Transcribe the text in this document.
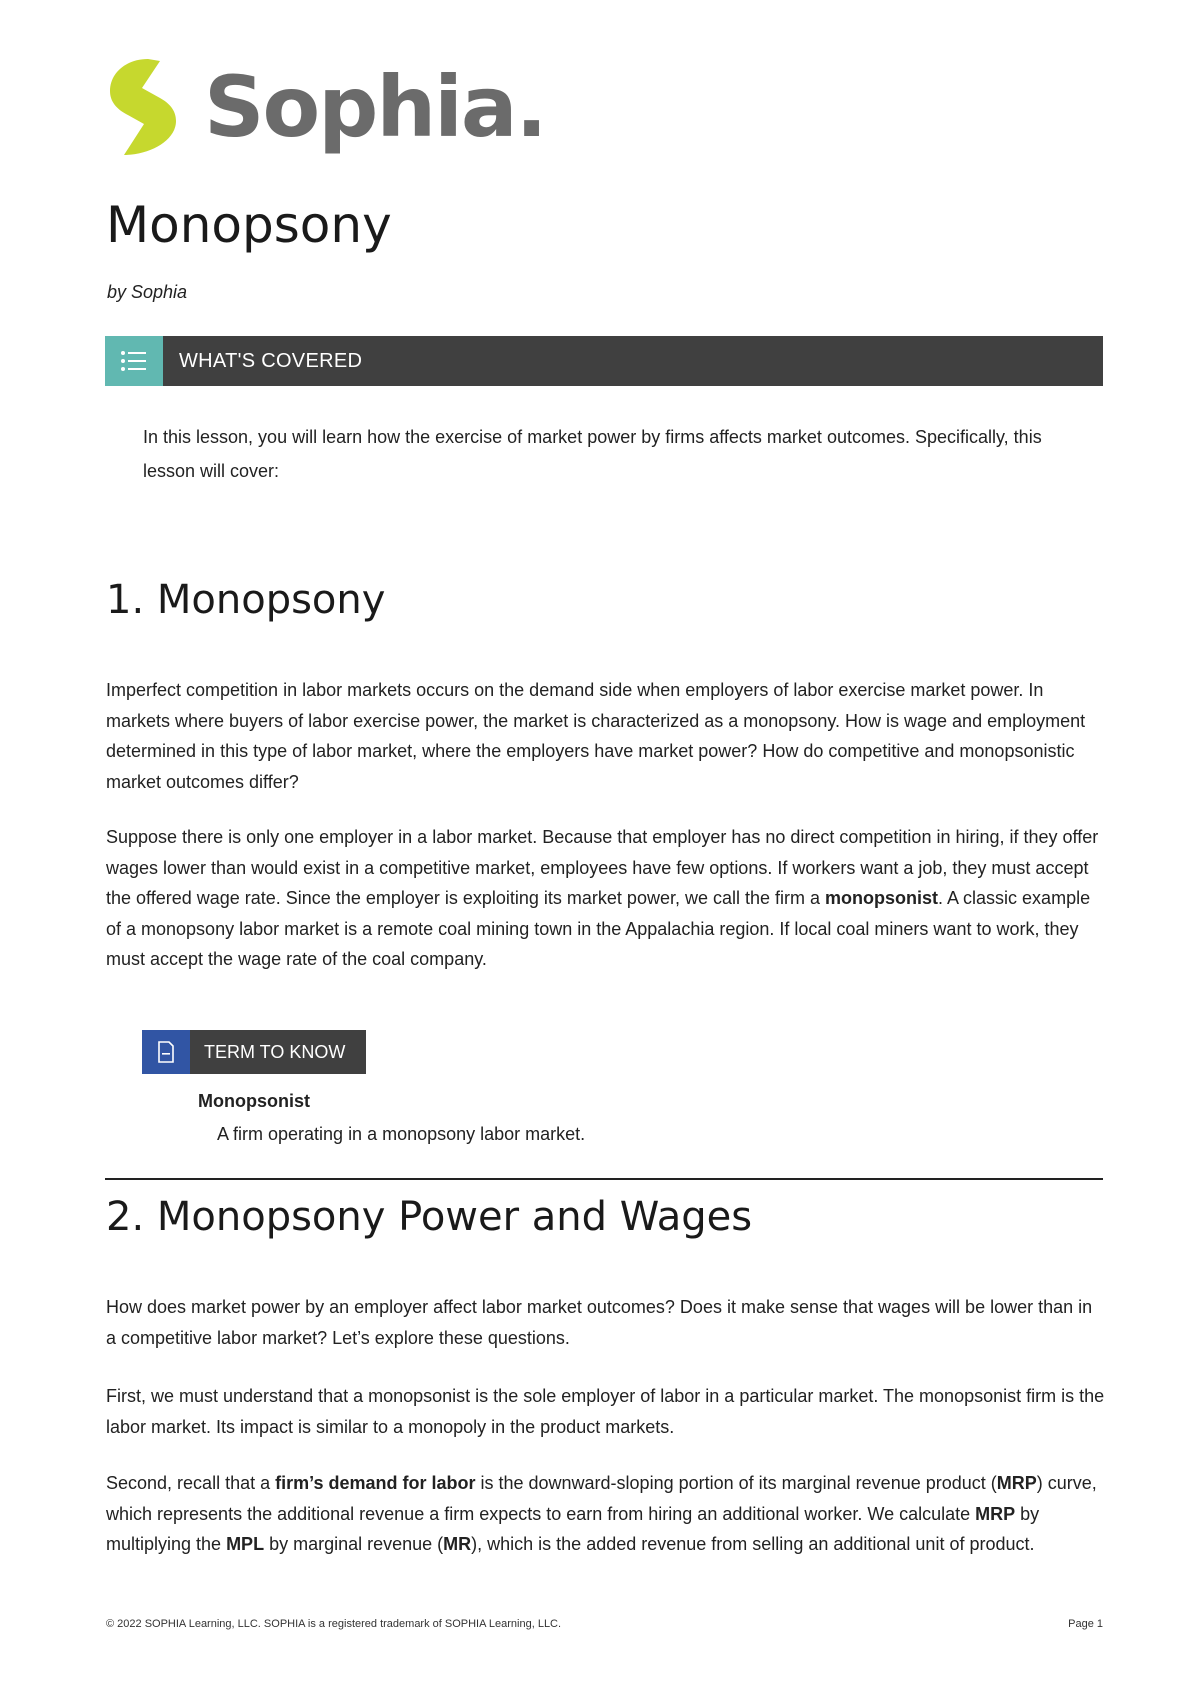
Sophia.
Monopsony
by Sophia
WHAT'S COVERED
In this lesson, you will learn how the exercise of market power by firms affects market outcomes. Specifically, this lesson will cover:
1. Monopsony
Imperfect competition in labor markets occurs on the demand side when employers of labor exercise market power. In markets where buyers of labor exercise power, the market is characterized as a monopsony. How is wage and employment determined in this type of labor market, where the employers have market power? How do competitive and monopsonistic market outcomes differ?
Suppose there is only one employer in a labor market. Because that employer has no direct competition in hiring, if they offer wages lower than would exist in a competitive market, employees have few options. If workers want a job, they must accept the offered wage rate. Since the employer is exploiting its market power, we call the firm a monopsonist. A classic example of a monopsony labor market is a remote coal mining town in the Appalachia region. If local coal miners want to work, they must accept the wage rate of the coal company.
TERM TO KNOW
Monopsonist
A firm operating in a monopsony labor market.
2. Monopsony Power and Wages
How does market power by an employer affect labor market outcomes? Does it make sense that wages will be lower than in a competitive labor market? Let’s explore these questions.
First, we must understand that a monopsonist is the sole employer of labor in a particular market. The monopsonist firm is the labor market. Its impact is similar to a monopoly in the product markets.
Second, recall that a firm’s demand for labor is the downward-sloping portion of its marginal revenue product (MRP) curve, which represents the additional revenue a firm expects to earn from hiring an additional worker. We calculate MRP by multiplying the MPL by marginal revenue (MR), which is the added revenue from selling an additional unit of product.
© 2022 SOPHIA Learning, LLC. SOPHIA is a registered trademark of SOPHIA Learning, LLC.	Page 1
